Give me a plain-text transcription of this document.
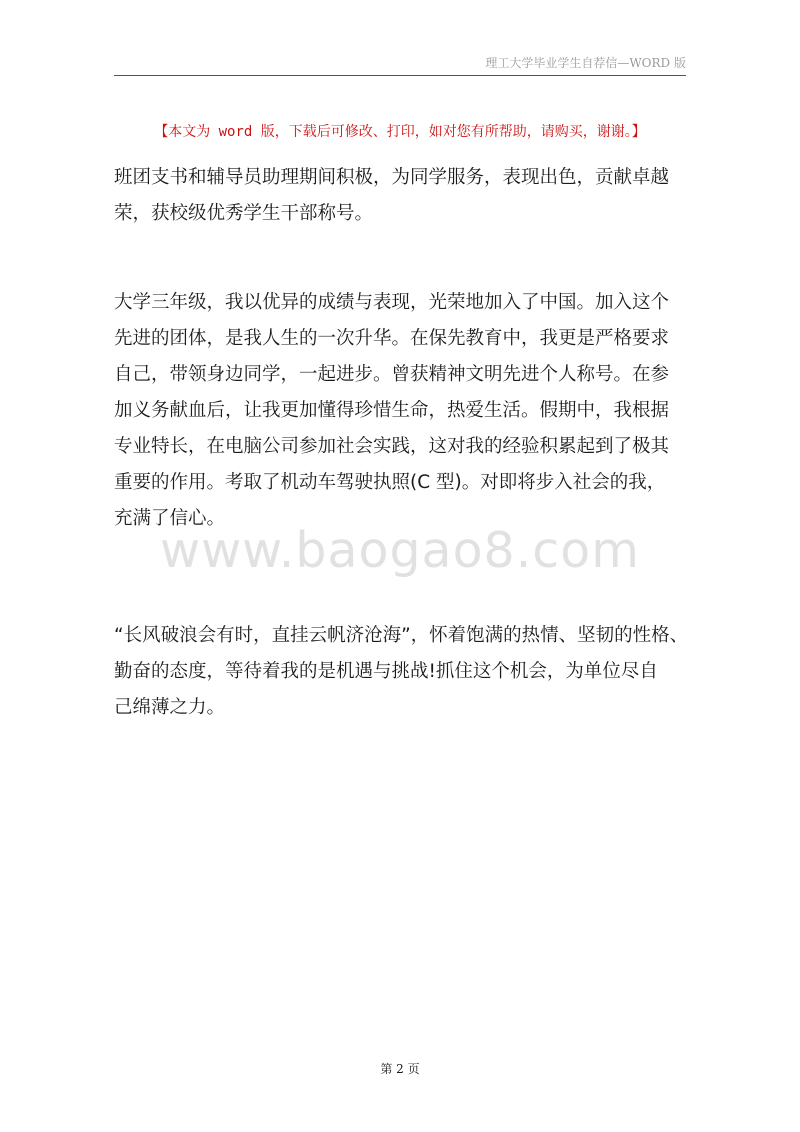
理工大学毕业学生自荐信—WORD 版
【本文为 word 版，下载后可修改、打印，如对您有所帮助，请购买，谢谢。】
班团支书和辅导员助理期间积极，为同学服务，表现出色，贡献卓越
荣，获校级优秀学生干部称号。
大学三年级，我以优异的成绩与表现，光荣地加入了中国。加入这个
先进的团体，是我人生的一次升华。在保先教育中，我更是严格要求
自己，带领身边同学，一起进步。曾获精神文明先进个人称号。在参
加义务献血后，让我更加懂得珍惜生命，热爱生活。假期中，我根据
专业特长，在电脑公司参加社会实践，这对我的经验积累起到了极其
重要的作用。考取了机动车驾驶执照(C 型)。对即将步入社会的我，
充满了信心。
“长风破浪会有时，直挂云帆济沧海”，怀着饱满的热情、坚韧的性格、
勤奋的态度，等待着我的是机遇与挑战!抓住这个机会，为单位尽自
己绵薄之力。
www.baogao8.com
第 2 页
